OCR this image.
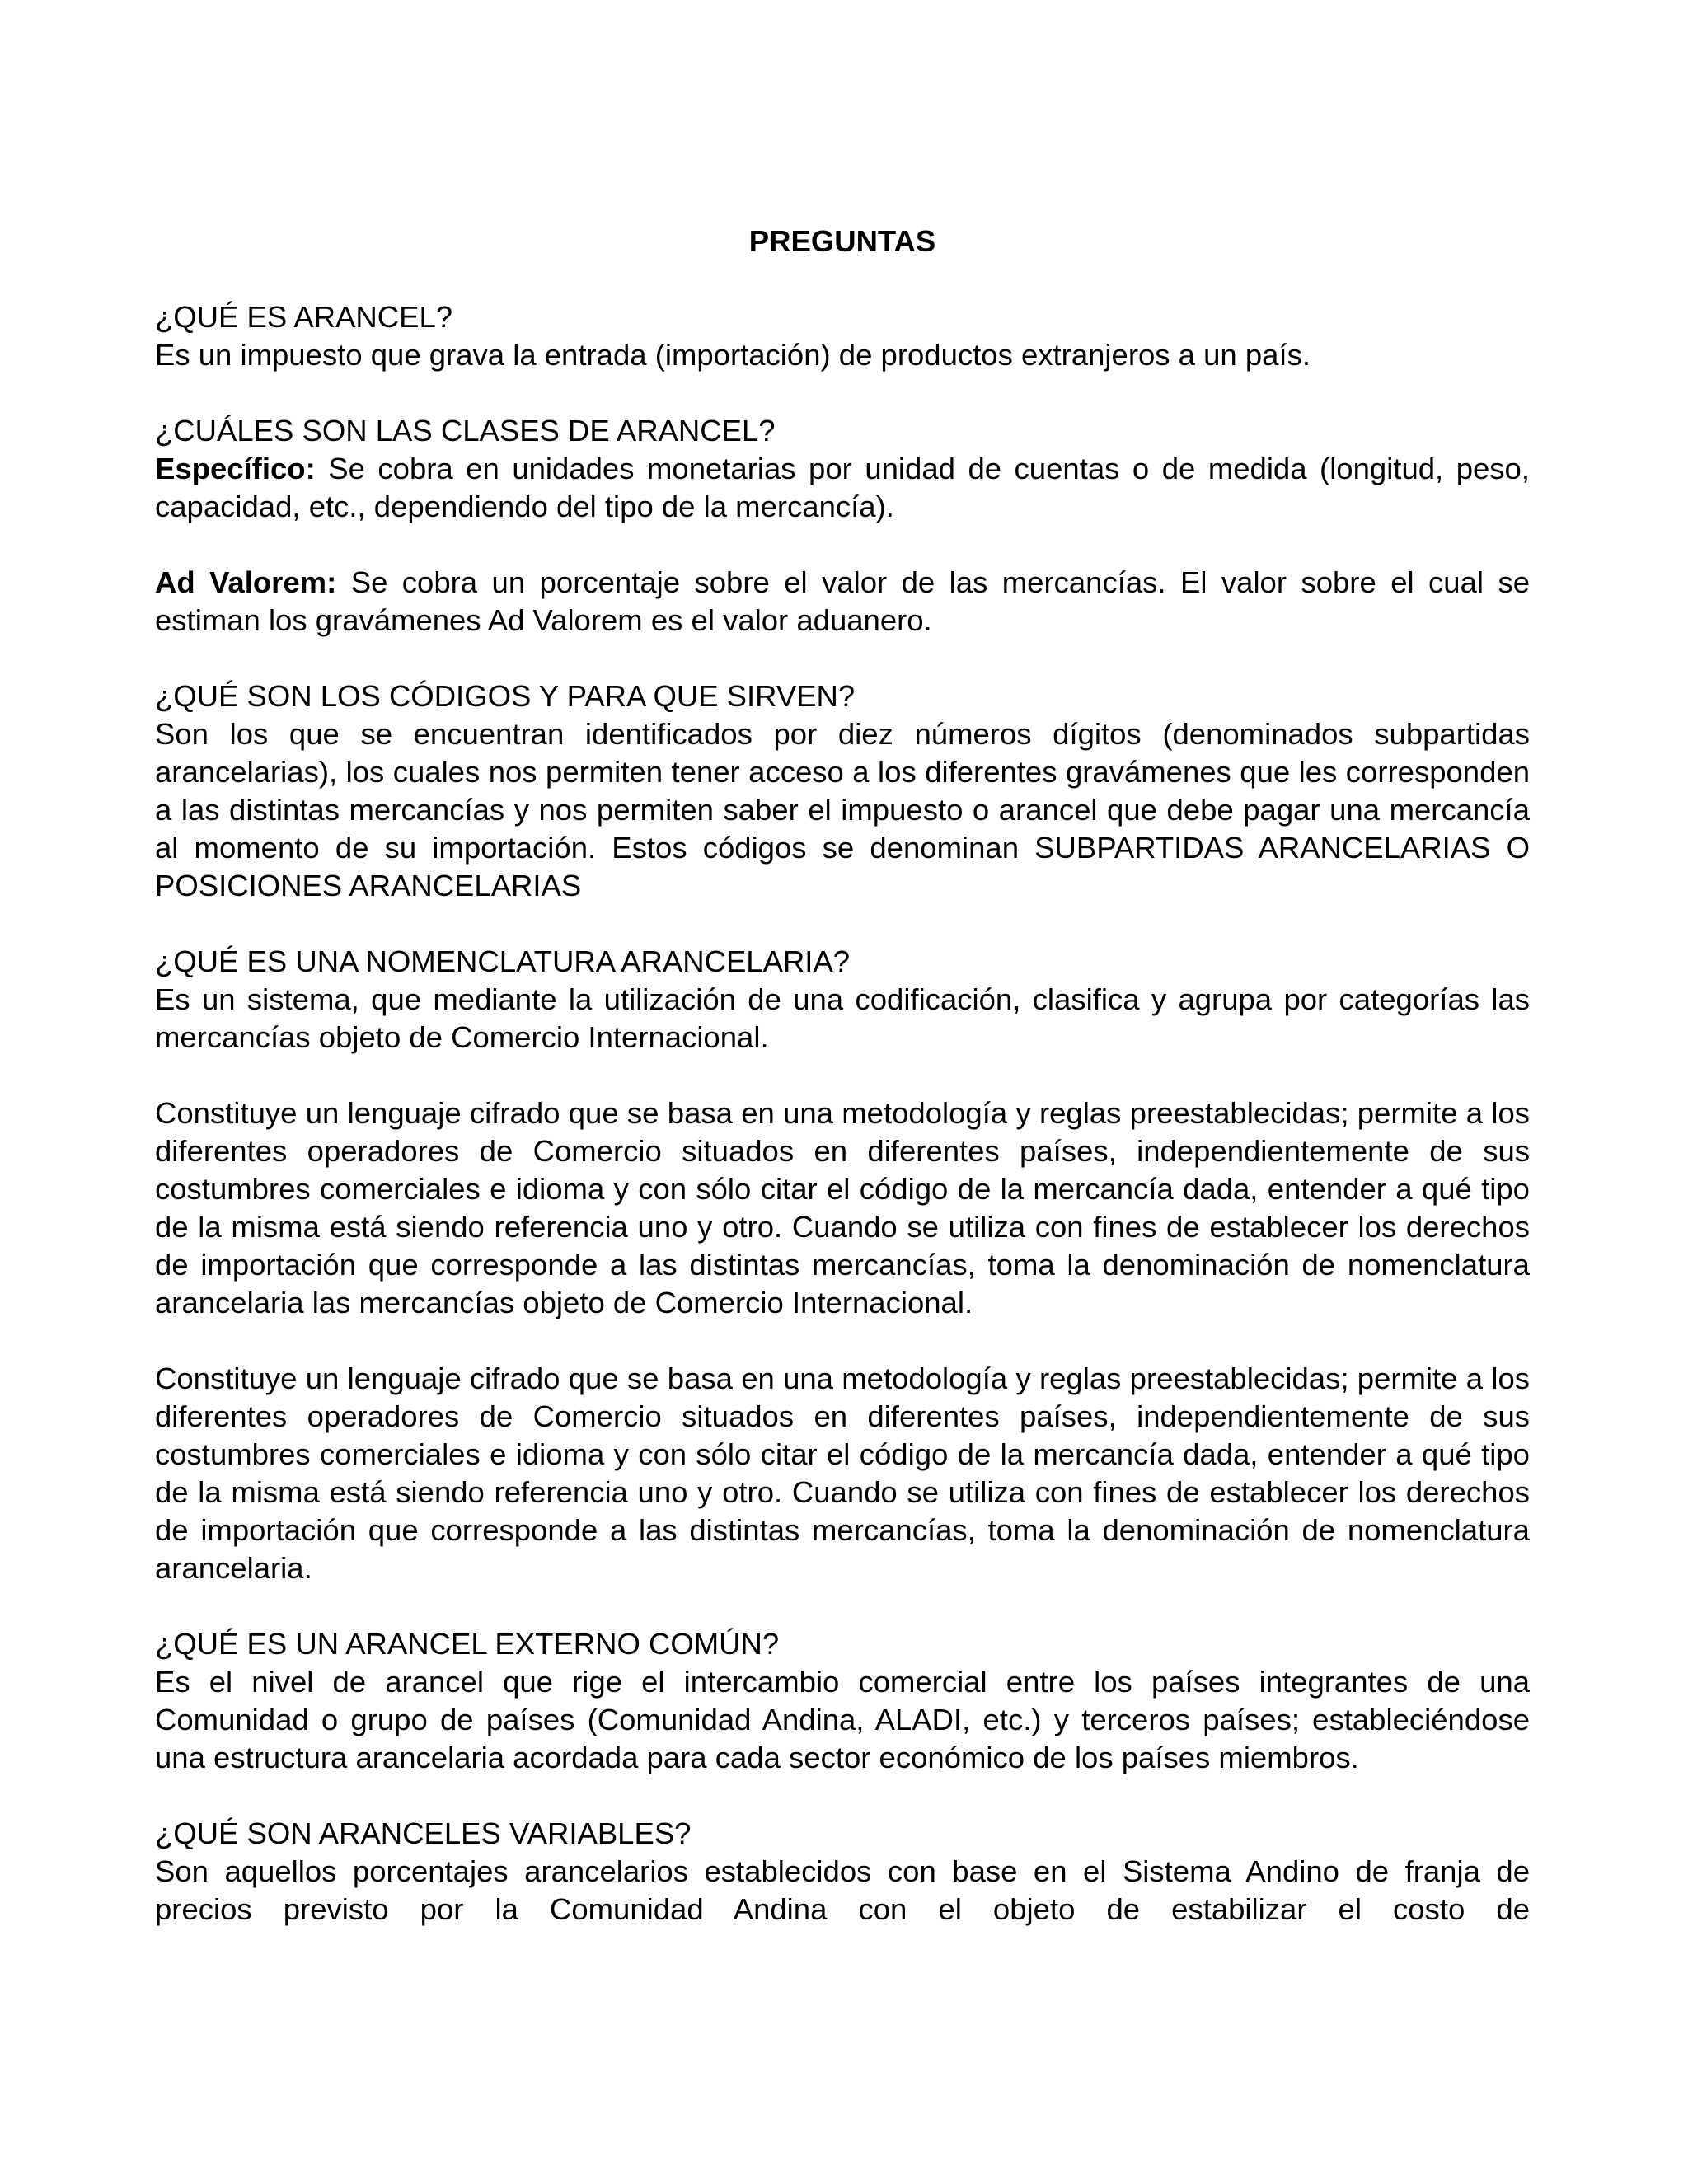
PREGUNTAS
¿QUÉ ES ARANCEL?

Es un impuesto que grava la entrada (importación) de productos extranjeros a un país.

¿CUÁLES SON LAS CLASES DE ARANCEL?

Específico: Se cobra en unidades monetarias por unidad de cuentas o de medida (longitud, peso, capacidad, etc., dependiendo del tipo de la mercancía).

Ad Valorem: Se cobra un porcentaje sobre el valor de las mercancías. El valor sobre el cual se estiman los gravámenes Ad Valorem es el valor aduanero.

¿QUÉ SON LOS CÓDIGOS Y PARA QUE SIRVEN?

Son los que se encuentran identificados por diez números dígitos (denominados subpartidas arancelarias), los cuales nos permiten tener acceso a los diferentes gravámenes que les corresponden a las distintas mercancías y nos permiten saber el impuesto o arancel que debe pagar una mercancía al momento de su importación. Estos códigos se denominan SUBPARTIDAS ARANCELARIAS O POSICIONES ARANCELARIAS

¿QUÉ ES UNA NOMENCLATURA ARANCELARIA?

Es un sistema, que mediante la utilización de una codificación, clasifica y agrupa por categorías las mercancías objeto de Comercio Internacional.

Constituye un lenguaje cifrado que se basa en una metodología y reglas preestablecidas; permite a los diferentes operadores de Comercio situados en diferentes países, independientemente de sus costumbres comerciales e idioma y con sólo citar el código de la mercancía dada, entender a qué tipo de la misma está siendo referencia uno y otro. Cuando se utiliza con fines de establecer los derechos de importación que corresponde a las distintas mercancías, toma la denominación de nomenclatura arancelaria las mercancías objeto de Comercio Internacional.

Constituye un lenguaje cifrado que se basa en una metodología y reglas preestablecidas; permite a los diferentes operadores de Comercio situados en diferentes países, independientemente de sus costumbres comerciales e idioma y con sólo citar el código de la mercancía dada, entender a qué tipo de la misma está siendo referencia uno y otro. Cuando se utiliza con fines de establecer los derechos de importación que corresponde a las distintas mercancías, toma la denominación de nomenclatura arancelaria.

¿QUÉ ES UN ARANCEL EXTERNO COMÚN?

Es el nivel de arancel que rige el intercambio comercial entre los países integrantes de una Comunidad o grupo de países (Comunidad Andina, ALADI, etc.) y terceros países; estableciéndose una estructura arancelaria acordada para cada sector económico de los países miembros.

¿QUÉ SON ARANCELES VARIABLES?

Son aquellos porcentajes arancelarios establecidos con base en el Sistema Andino de franja de precios previsto por la Comunidad Andina con el objeto de estabilizar el costo de
